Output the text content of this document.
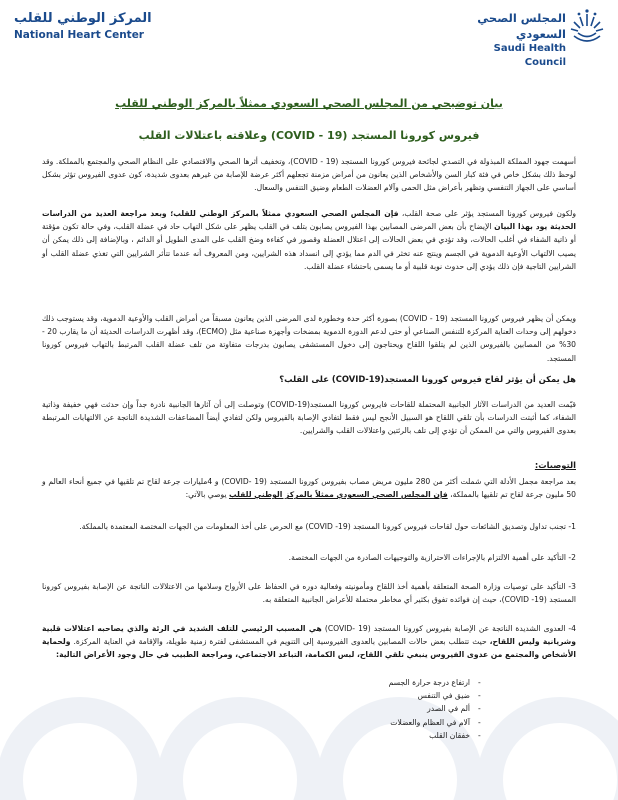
المركز الوطني للقلب
National Heart Center
المجلس الصحي السعودي
Saudi Health Council
بيان توضيحي من المجلس الصحي السعودي ممثلاً بالمركز الوطني للقلب
فيروس كورونا المستجد (COVID - 19) وعلاقته باعتلالات القلب
أسهمت جهود المملكة المبذولة في التصدي لجائحة فيروس كورونا المستجد (19 - COVID)، وتخفيف أثرها الصحي والاقتصادي على النظام الصحي والمجتمع بالمملكة. وقد لوحظ ذلك بشكل خاص في فئة كبار السن والأشخاص الذين يعانون من أمراض مزمنة تجعلهم أكثر عرضة للإصابة من غيرهم بعدوى شديدة، كون عدوى الفيروس تؤثر بشكل أساسي على الجهاز التنفسي وتظهر بأعراض مثل الحمى وآلام العضلات الطعام وضيق التنفس والسعال.
ولكون فيروس كورونا المستجد يؤثر على صحة القلب، فإن المجلس الصحي السعودي ممثلاً بالمركز الوطني للقلب؛ وبعد مراجعة العديد من الدراسات الحديثة يود بهذا البيان الإيضاح بأن بعض المرضى المصابين بهذا الفيروس يصابون بتلف في القلب يظهر على شكل التهاب حاد في عضلة القلب، وفي حالة تكون مؤقتة أو ذاتية الشفاء في أغلب الحالات، وقد تؤدي في بعض الحالات إلى اعتلال العضلة وقصور في كفاءة وضخ القلب على المدى الطويل أو الدائم ، وبالإضافة إلى ذلك يمكن أن يصيب الالتهاب الأوعية الدموية في الجسم وينتج عنه تخثر في الدم مما يؤدي إلى انسداد هذه الشرايين، ومن المعروف أنه عندما تتأثر الشرايين التي تغذي عضلة القلب أو الشرايين التاجية فإن ذلك يؤدي إلى حدوث نوبة قلبية أو ما يسمى باحتشاء عضلة القلب.
ويمكن أن يظهر فيروس كورونا المستجد (19 - COVID) بصورة أكثر حدة وخطورة لدى المرضى الذين يعانون مسبقاً من أمراض القلب والأوعية الدموية، وقد يستوجب ذلك دخولهم إلى وحدات العناية المركزة للتنفس الصناعي أو حتى لدعم الدورة الدموية بمضخات وأجهزة صناعية مثل (ECMO)، وقد أظهرت الدراسات الحديثة أن ما يقارب 20 - 30% من المصابين بالفيروس الذين لم يتلقوا اللقاح ويحتاجون إلى دخول المستشفى يصابون بدرجات متفاوتة من تلف عضلة القلب المرتبط بالتهاب فيروس كورونا المستجد.
هل يمكن أن يؤثر لقاح فيروس كورونا المستجد(19-COVID) على القلب؟
قيّمت العديد من الدراسات الآثار الجانبية المحتملة للقاحات فايروس كورونا المستجد(19-COVID) وتوصلت إلى أن آثارها الجانبية نادرة جداً وإن حدثت فهي خفيفة وذاتية الشفاء، كما أثبتت الدراسات بأن تلقي اللقاح هو السبيل الأنجح ليس فقط لتفادي الإصابة بالفيروس ولكن لتفادي أيضاً المضاعفات الشديدة الناتجة عن الالتهابات المرتبطة بعدوى الفيروس والتي من الممكن أن تؤدي إلى تلف بالرئتين واعتلالات القلب والشرايين.
التوصيات:
بعد مراجعة مجمل الأدلة التي شملت أكثر من 280 مليون مريض مصاب بفيروس كورونا المستجد (19 -COVID) و 4مليارات جرعة لقاح تم تلقيها في جميع أنحاء العالم و 50 مليون جرعة لقاح تم تلقيها بالمملكة، فإن المجلس الصحي السعودي ممثلاً بالمركز الوطني للقلب يوصي بالآتي:
1- تجنب تداول وتصديق الشائعات حول لقاحات فيروس كورونا المستجد (19- COVID) مع الحرص على أخذ المعلومات من الجهات المختصة المعتمدة بالمملكة.
2- التأكيد على أهمية الالتزام بالإجراءات الاحترازية والتوجيهات الصادرة من الجهات المختصة.
3- التأكيد على توصيات وزارة الصحة المتعلقة بأهمية أخذ اللقاح ومأمونيته وفعالية دوره في الحفاظ على الأرواح وسلامها من الاعتلالات الناتجة عن الإصابة بفيروس كورونا المستجد (19- COVID)، حيث إن فوائده تفوق بكثير أي مخاطر محتملة للأعراض الجانبية المتعلقة به.
4- العدوى الشديدة الناتجة عن الإصابة بفيروس كورونا المستجد (19 -COVID) هي المسبب الرئيسي للتلف الشديد في الرئة والذي يصاحبه اعتلالات قلبية وشريانية وليس اللقاح، حيث تتطلب بعض حالات المصابين بالعدوى الفيروسية إلى التنويم في المستشفى لفترة زمنية طويلة، والإقامة في العناية المركزة. ولحماية الأشخاص والمجتمع من عدوى الفيروس ينبغي تلقي اللقاح، لبس الكمامة، التباعد الاجتماعي، ومراجعة الطبيب في حال وجود الأعراض التالية:
-
ارتفاع درجة حرارة الجسم
-
ضيق في التنفس
-
ألم في الصدر
-
آلام في العظام والعضلات
-
خفقان القلب
